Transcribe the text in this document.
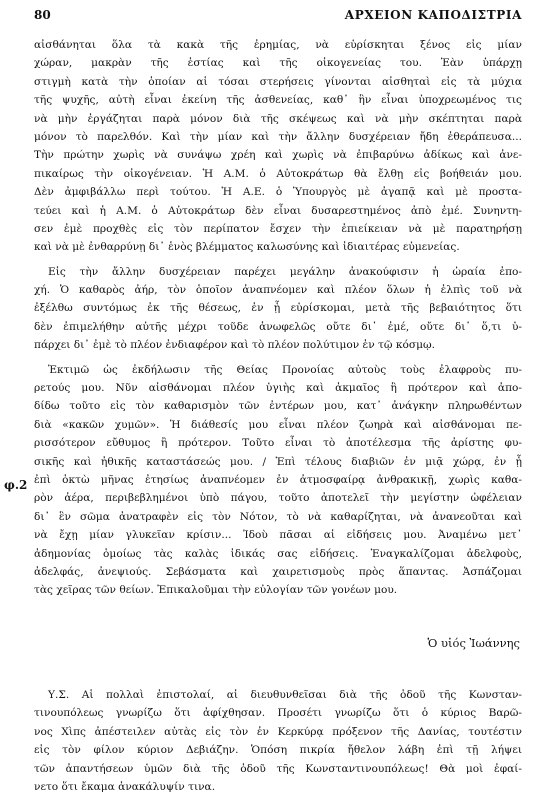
80	ΑΡΧΕΙΟΝ ΚΑΠΟΔΙΣΤΡΙΑ
φ.2
αἰσθάνηται ὅλα τὰ κακὰ τῆς ἐρημίας, νὰ εὑρίσκηται ξένος εἰς μίαν
χώραν, μακρὰν τῆς ἑστίας καὶ τῆς οἰκογενείας του. Ἐὰν ὑπάρχῃ
στιγμὴ κατὰ τὴν ὁποίαν αἱ τόσαι στερήσεις γίνονται αἰσθηταὶ εἰς τὰ μύχια
τῆς ψυχῆς, αὐτὴ εἶναι ἐκείνη τῆς ἀσθενείας, καθ᾽ ἣν εἶναι ὑποχρεωμένος τις
νὰ μὴν ἐργάζηται παρὰ μόνον διὰ τῆς σκέψεως καὶ νὰ μὴν σκέπτηται παρὰ
μόνον τὸ παρελθόν. Καὶ τὴν μίαν καὶ τὴν ἄλλην δυσχέρειαν ἤδη ἐθεράπευσα...
Τὴν πρώτην χωρὶς νὰ συνάψω χρέη καὶ χωρὶς νὰ ἐπιβαρύνω ἀδίκως καὶ ἀνε-
πικαίρως τὴν οἰκογένειαν. Ἡ Α.Μ. ὁ Αὐτοκράτωρ θὰ ἔλθῃ εἰς βοήθειάν μου.
Δὲν ἀμφιβάλλω περὶ τούτου. Ἡ Α.Ε. ὁ Ὑπουργὸς μὲ ἀγαπᾷ καὶ μὲ προστα-
τεύει καὶ ἡ Α.Μ. ὁ Αὐτοκράτωρ δὲν εἶναι δυσαρεστημένος ἀπὸ ἐμέ. Συνηντη-
σεν ἐμὲ προχθὲς εἰς τὸν περίπατον ἔσχεν τὴν ἐπιείκειαν νὰ μὲ παρατηρήσῃ
καὶ νὰ μὲ ἐνθαρρύνῃ δι᾽ ἑνὸς βλέμματος καλωσύνης καὶ ἰδιαιτέρας εὐμενείας.
Εἰς τὴν ἄλλην δυσχέρειαν παρέχει μεγάλην ἀνακούφισιν ἡ ὡραία ἐπο-
χή. Ὁ καθαρὸς ἀήρ, τὸν ὁποῖον ἀναπνέομεν καὶ πλέον ὅλων ἡ ἐλπὶς τοῦ νὰ
ἐξέλθω συντόμως ἐκ τῆς θέσεως, ἐν ᾗ εὑρίσκομαι, μετὰ τῆς βεβαιότητος ὅτι
δὲν ἐπιμελήθην αὐτῆς μέχρι τοῦδε ἀνωφελῶς οὔτε δι᾽ ἐμέ, οὔτε δι᾽ ὅ,τι ὑ-
πάρχει δι᾽ ἐμὲ τὸ πλέον ἐνδιαφέρον καὶ τὸ πλέον πολύτιμον ἐν τῷ κόσμῳ.
Ἐκτιμῶ ὡς ἐκδήλωσιν τῆς Θείας Προνοίας αὐτοὺς τοὺς ἐλαφροὺς πυ-
ρετούς μου. Νῦν αἰσθάνομαι πλέον ὑγιὴς καὶ ἀκμαῖος ἢ πρότερον καὶ ἀπο-
δίδω τοῦτο εἰς τὸν καθαρισμὸν τῶν ἐντέρων μου, κατ᾽ ἀνάγκην πληρωθέντων
διὰ «κακῶν χυμῶν». Ἡ διάθεσίς μου εἶναι πλέον ζωηρὰ καὶ αἰσθάνομαι πε-
ρισσότερον εὔθυμος ἢ πρότερον. Τοῦτο εἶναι τὸ ἀποτέλεσμα τῆς ἀρίστης φυ-
σικῆς καὶ ἠθικῆς καταστάσεώς μου. / Ἐπὶ τέλους διαβιῶν ἐν μιᾷ χώρᾳ, ἐν ᾗ
ἐπὶ ὀκτὼ μῆνας ἐτησίως ἀναπνέομεν ἐν ἀτμοσφαίρᾳ ἀνθρακικῇ, χωρὶς καθα-
ρὸν ἀέρα, περιβεβλημένοι ὑπὸ πάγου, τοῦτο ἀποτελεῖ τὴν μεγίστην ὠφέλειαν
δι᾽ ἓν σῶμα ἀνατραφὲν εἰς τὸν Νότον, τὸ νὰ καθαρίζηται, νὰ ἀνανεοῦται καὶ
νὰ ἔχῃ μίαν γλυκεῖαν κρίσιν... Ἰδοὺ πᾶσαι αἱ εἰδήσεις μου. Ἀναμένω μετ᾽
ἀδημονίας ὁμοίως τὰς καλὰς ἰδικάς σας εἰδήσεις. Ἐναγκαλίζομαι ἀδελφοὺς,
ἀδελφάς, ἀνεψιούς. Σεβάσματα καὶ χαιρετισμοὺς πρὸς ἅπαντας. Ἀσπάζομαι
τὰς χεῖρας τῶν θείων. Ἐπικαλοῦμαι τὴν εὐλογίαν τῶν γονέων μου.
Ὁ υἱός Ἰωάννης
Υ.Σ. Αἱ πολλαὶ ἐπιστολαί, αἱ διευθυνθεῖσαι διὰ τῆς ὁδοῦ τῆς Κωνσταν-
τινουπόλεως γνωρίζω ὅτι ἀφίχθησαν. Προσέτι γνωρίζω ὅτι ὁ κύριος Βαρῶ-
νος Χὶπς ἀπέστειλεν αὐτὰς εἰς τὸν ἐν Κερκύρᾳ πρόξενον τῆς Δανίας, τουτέστιν
εἰς τὸν φίλον κύριον Δεβιάζην. Ὁπόση πικρία ἤθελον λάβη ἐπὶ τῇ λήψει
τῶν ἀπαντήσεων ὑμῶν διὰ τῆς ὁδοῦ τῆς Κωνσταντινουπόλεως! Θὰ μοὶ ἐφαί-
νετο ὅτι ἔκαμα ἀνακάλυψίν τινα.
